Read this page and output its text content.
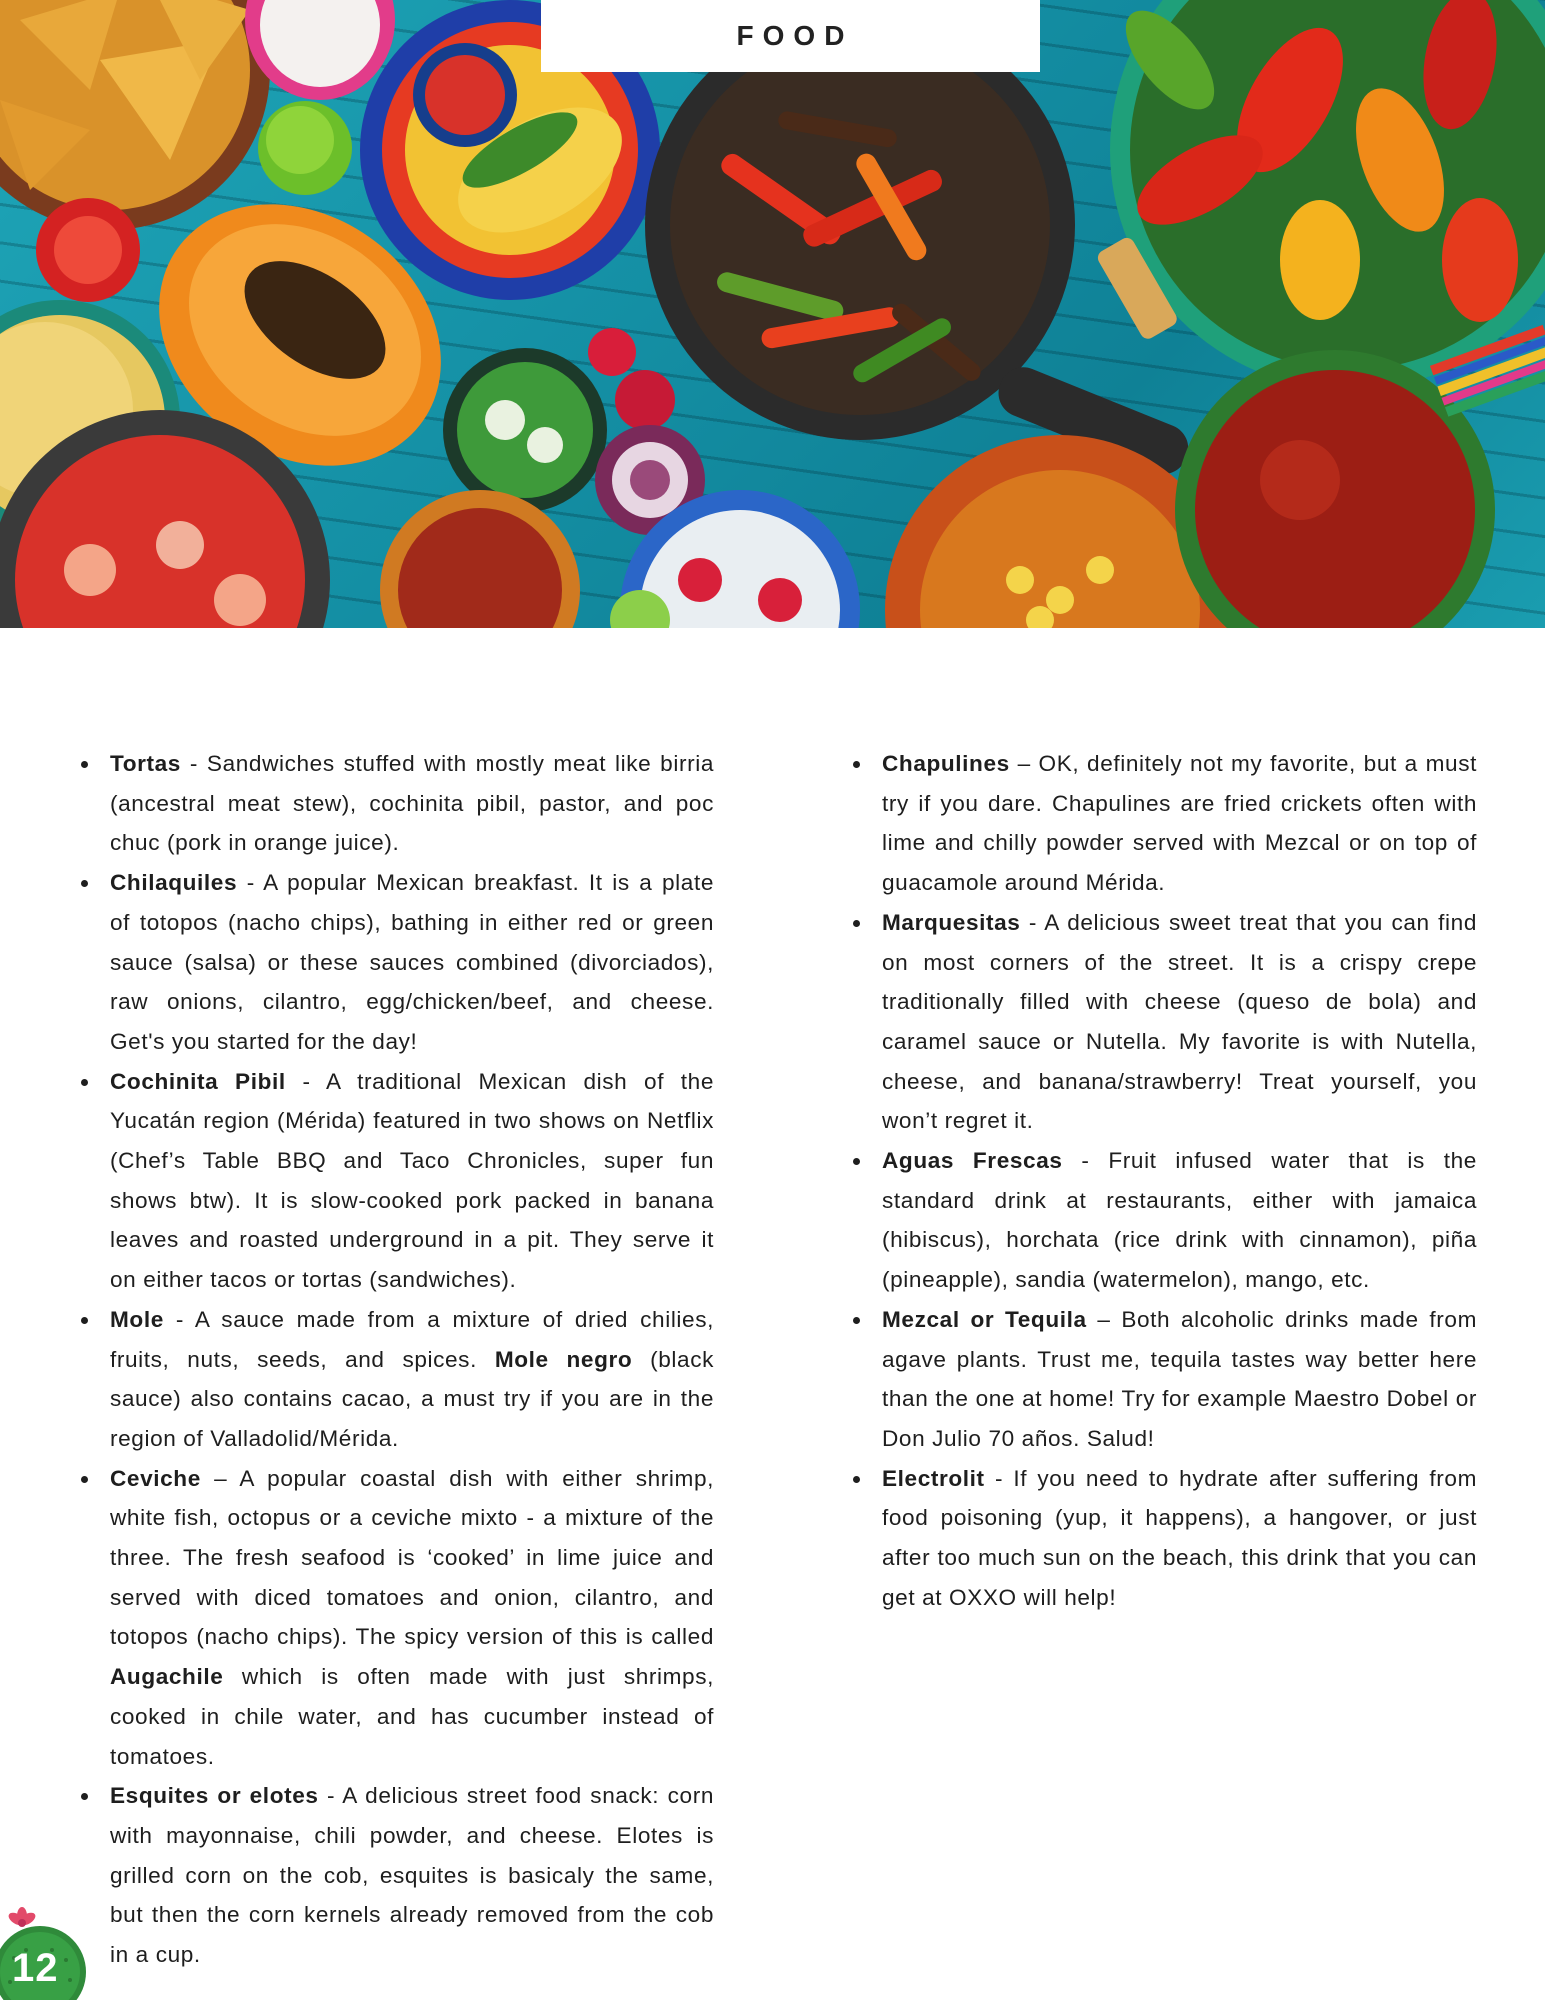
FOOD
Tortas - Sandwiches stuffed with mostly meat like birria (ancestral meat stew), cochinita pibil, pastor, and poc chuc (pork in orange juice).
Chilaquiles - A popular Mexican breakfast. It is a plate of totopos (nacho chips), bathing in either red or green sauce (salsa) or these sauces combined (divorciados), raw onions, cilantro, egg/chicken/beef, and cheese. Get's you started for the day!
Cochinita Pibil - A traditional Mexican dish of the Yucatán region (Mérida) featured in two shows on Netflix (Chef’s Table BBQ and Taco Chronicles, super fun shows btw). It is slow-cooked pork packed in banana leaves and roasted underground in a pit. They serve it on either tacos or tortas (sandwiches).
Mole - A sauce made from a mixture of dried chilies, fruits, nuts, seeds, and spices. Mole negro (black sauce) also contains cacao, a must try if you are in the region of Valladolid/Mérida.
Ceviche – A popular coastal dish with either shrimp, white fish, octopus or a ceviche mixto - a mixture of the three. The fresh seafood is ‘cooked’ in lime juice and served with diced tomatoes and onion, cilantro, and totopos (nacho chips). The spicy version of this is called Augachile which is often made with just shrimps, cooked in chile water, and has cucumber instead of tomatoes.
Esquites or elotes - A delicious street food snack: corn with mayonnaise, chili powder, and cheese. Elotes is grilled corn on the cob, esquites is basicaly the same, but then the corn kernels already removed from the cob in a cup.
Chapulines – OK, definitely not my favorite, but a must try if you dare. Chapulines are fried crickets often with lime and chilly powder served with Mezcal or on top of guacamole around Mérida.
Marquesitas - A delicious sweet treat that you can find on most corners of the street. It is a crispy crepe traditionally filled with cheese (queso de bola) and caramel sauce or Nutella. My favorite is with Nutella, cheese, and banana/strawberry! Treat yourself, you won’t regret it.
Aguas Frescas - Fruit infused water that is the standard drink at restaurants, either with jamaica (hibiscus), horchata (rice drink with cinnamon), piña (pineapple), sandia (watermelon), mango, etc.
Mezcal or Tequila – Both alcoholic drinks made from agave plants. Trust me, tequila tastes way better here than the one at home! Try for example Maestro Dobel or Don Julio 70 años. Salud!
Electrolit - If you need to hydrate after suffering from food poisoning (yup, it happens), a hangover, or just after too much sun on the beach, this drink that you can get at OXXO will help!
12
